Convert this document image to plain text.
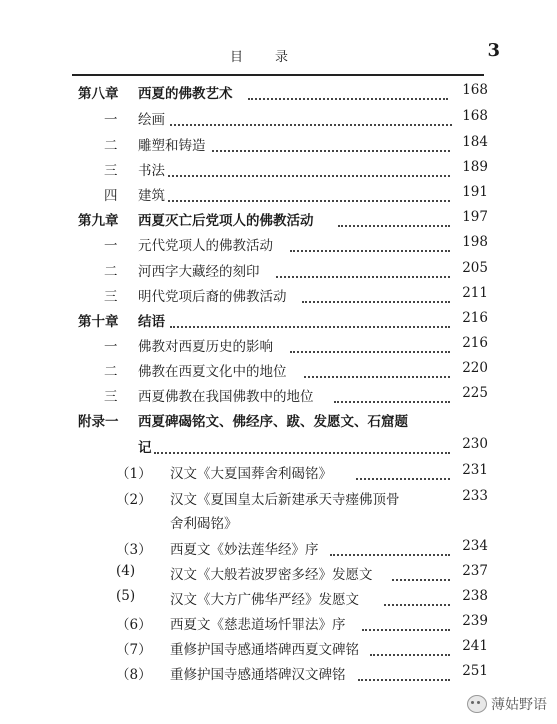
目 录	3
第八章 西夏的佛教艺术	168
一 绘画	168
二 雕塑和铸造	184
三 书法	189
四 建筑	191
第九章 西夏灭亡后党项人的佛教活动	197
一 元代党项人的佛教活动	198
二 河西字大藏经的刻印	205
三 明代党项后裔的佛教活动	211
第十章 结语	216
一 佛教对西夏历史的影响	216
二 佛教在西夏文化中的地位	220
三 西夏佛教在我国佛教中的地位	225
附录一 西夏碑碣铭文、佛经序、跋、发愿文、石窟题
记	230
（1） 汉文《大夏国葬舍利碣铭》	231
（2） 汉文《夏国皇太后新建承天寺瘗佛顶骨	233
舍利碣铭》
（3） 西夏文《妙法莲华经》序	234
(4)	汉文《大般若波罗密多经》发愿文	237
(5)	汉文《大方广佛华严经》发愿文	238
（6） 西夏文《慈悲道场忏罪法》序	239
（7） 重修护国寺感通塔碑西夏文碑铭	241
（8） 重修护国寺感通塔碑汉文碑铭	251
薄姑野语
